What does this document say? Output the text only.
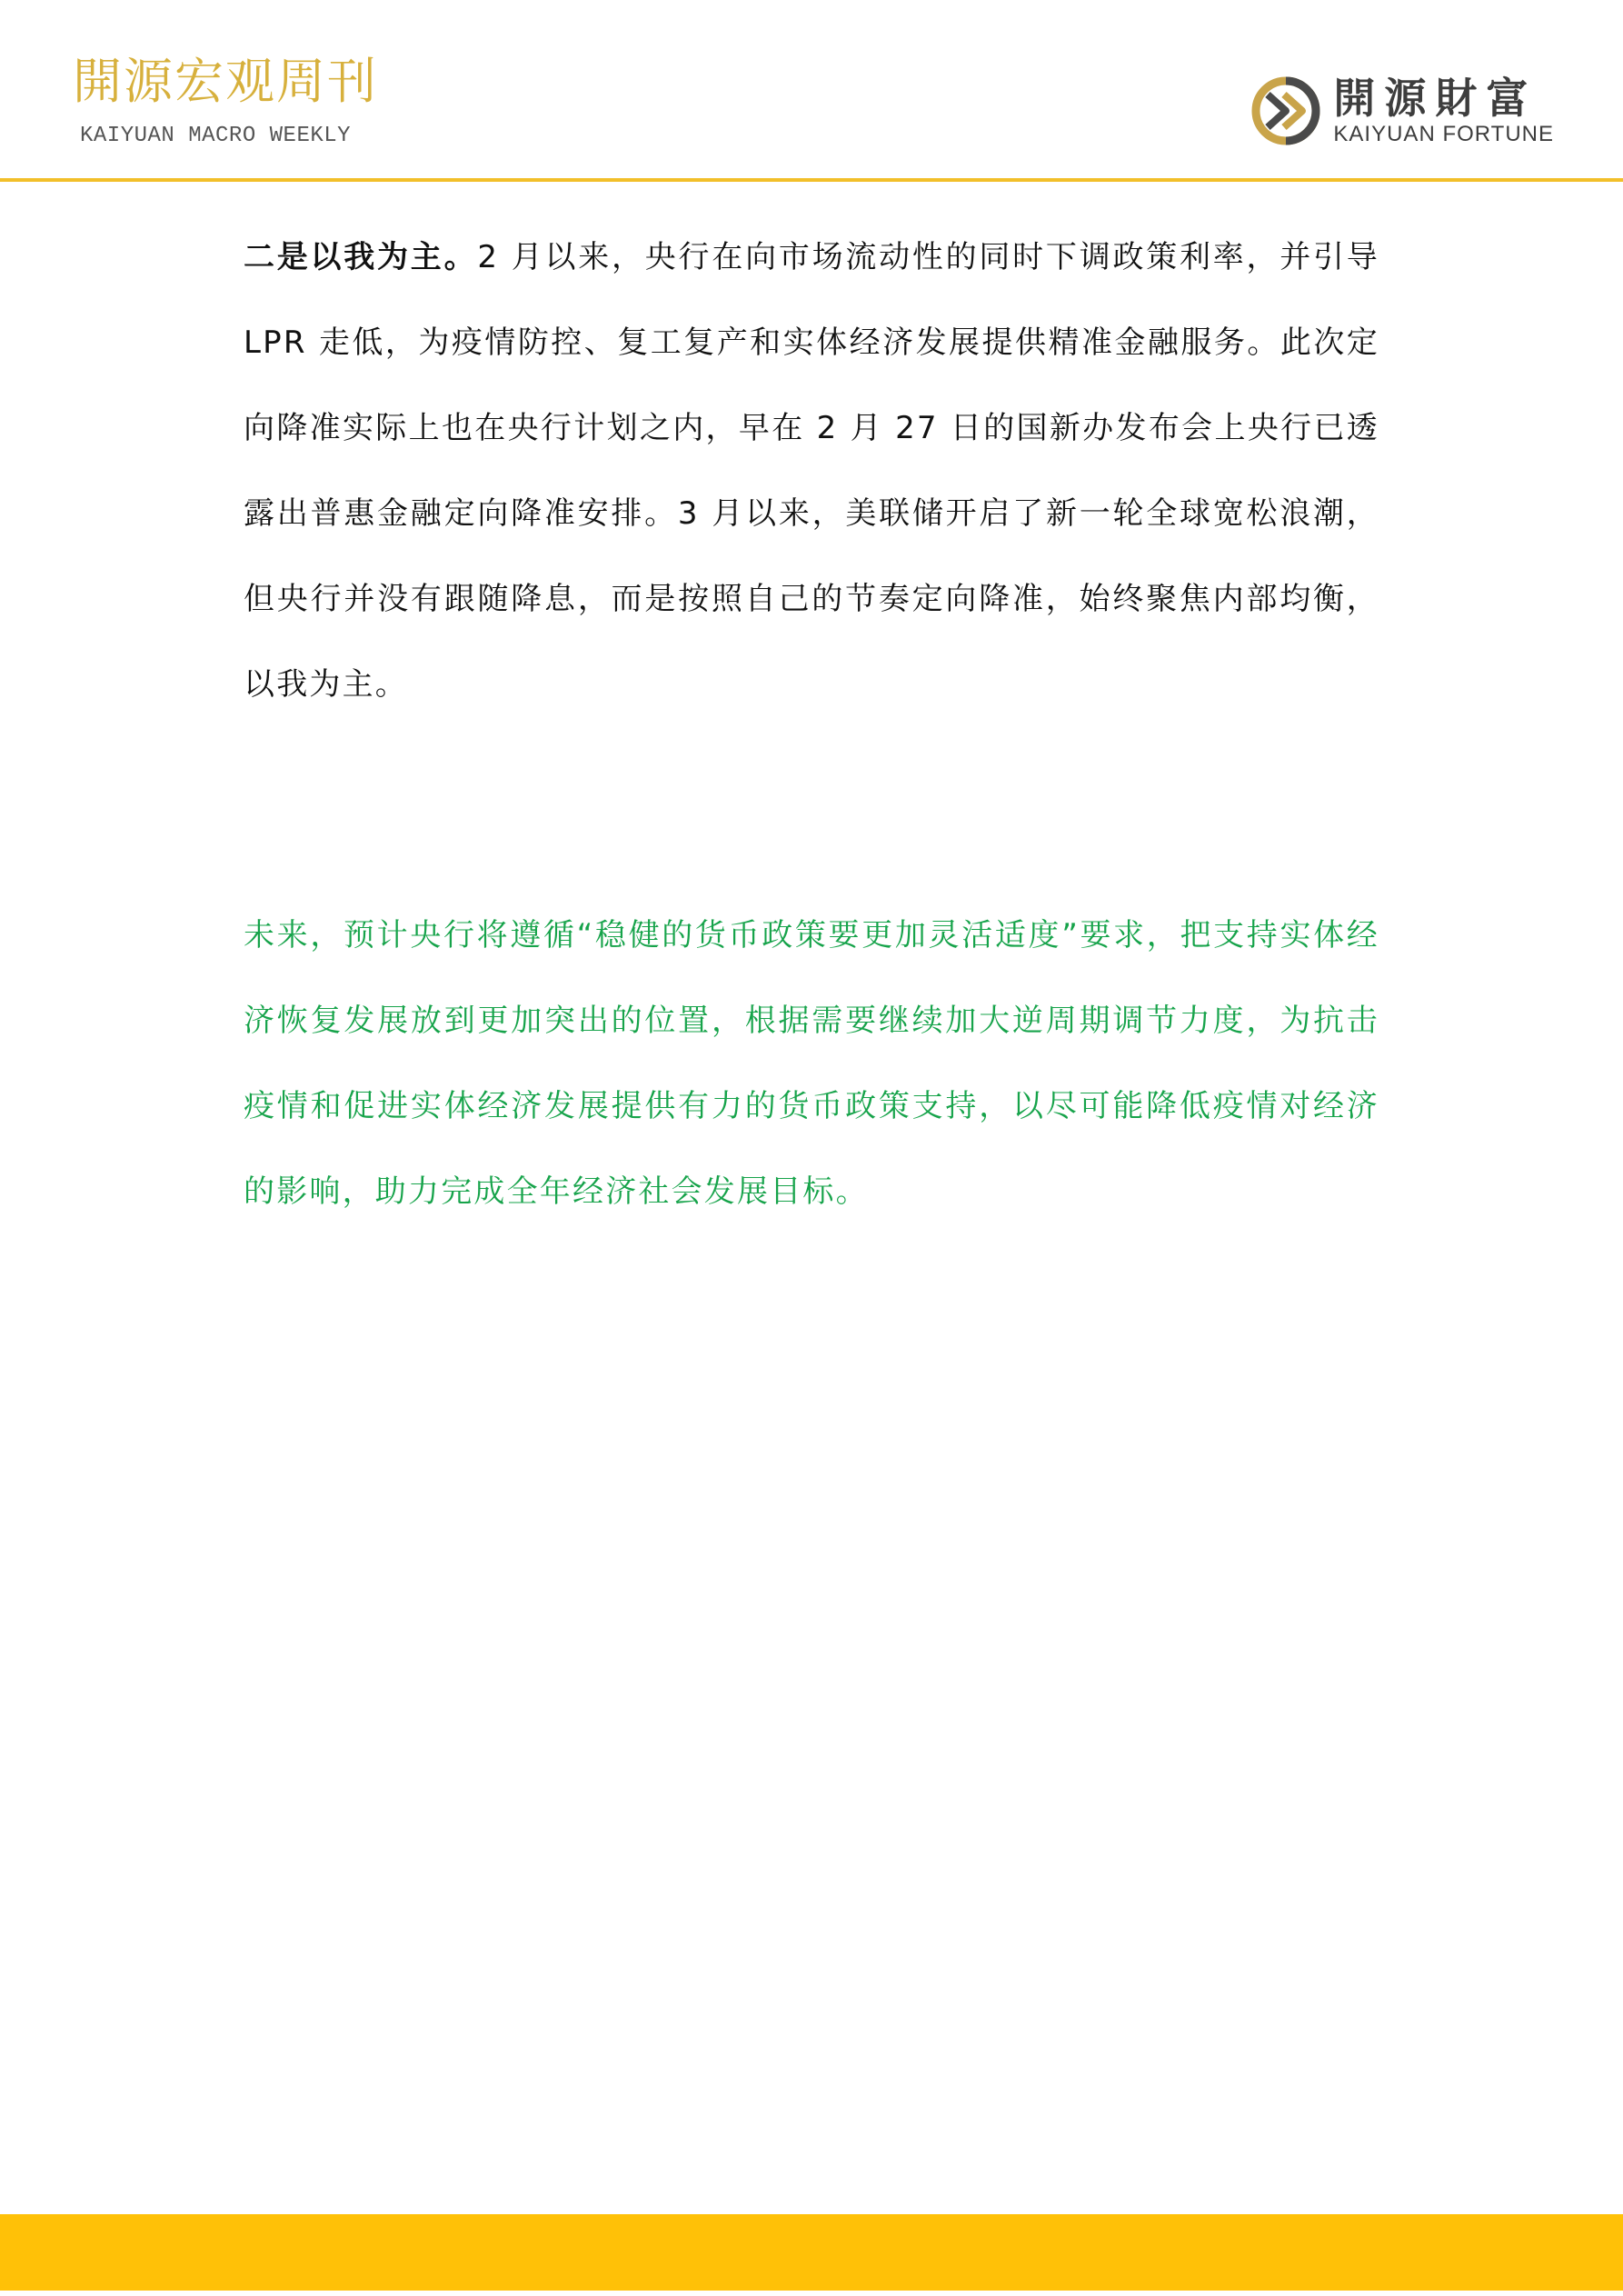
開源宏观周刊
KAIYUAN MACRO WEEKLY
開源財富
KAIYUAN FORTUNE

二是以我为主。2 月以来，央行在向市场流动性的同时下调政策利率，并引导 LPR 走低，为疫情防控、复工复产和实体经济发展提供精准金融服务。此次定向降准实际上也在央行计划之内，早在 2 月 27 日的国新办发布会上央行已透露出普惠金融定向降准安排。3 月以来，美联储开启了新一轮全球宽松浪潮，但央行并没有跟随降息，而是按照自己的节奏定向降准，始终聚焦内部均衡，以我为主。

未来，预计央行将遵循“稳健的货币政策要更加灵活适度”要求，把支持实体经济恢复发展放到更加突出的位置，根据需要继续加大逆周期调节力度，为抗击疫情和促进实体经济发展提供有力的货币政策支持，以尽可能降低疫情对经济的影响，助力完成全年经济社会发展目标。
